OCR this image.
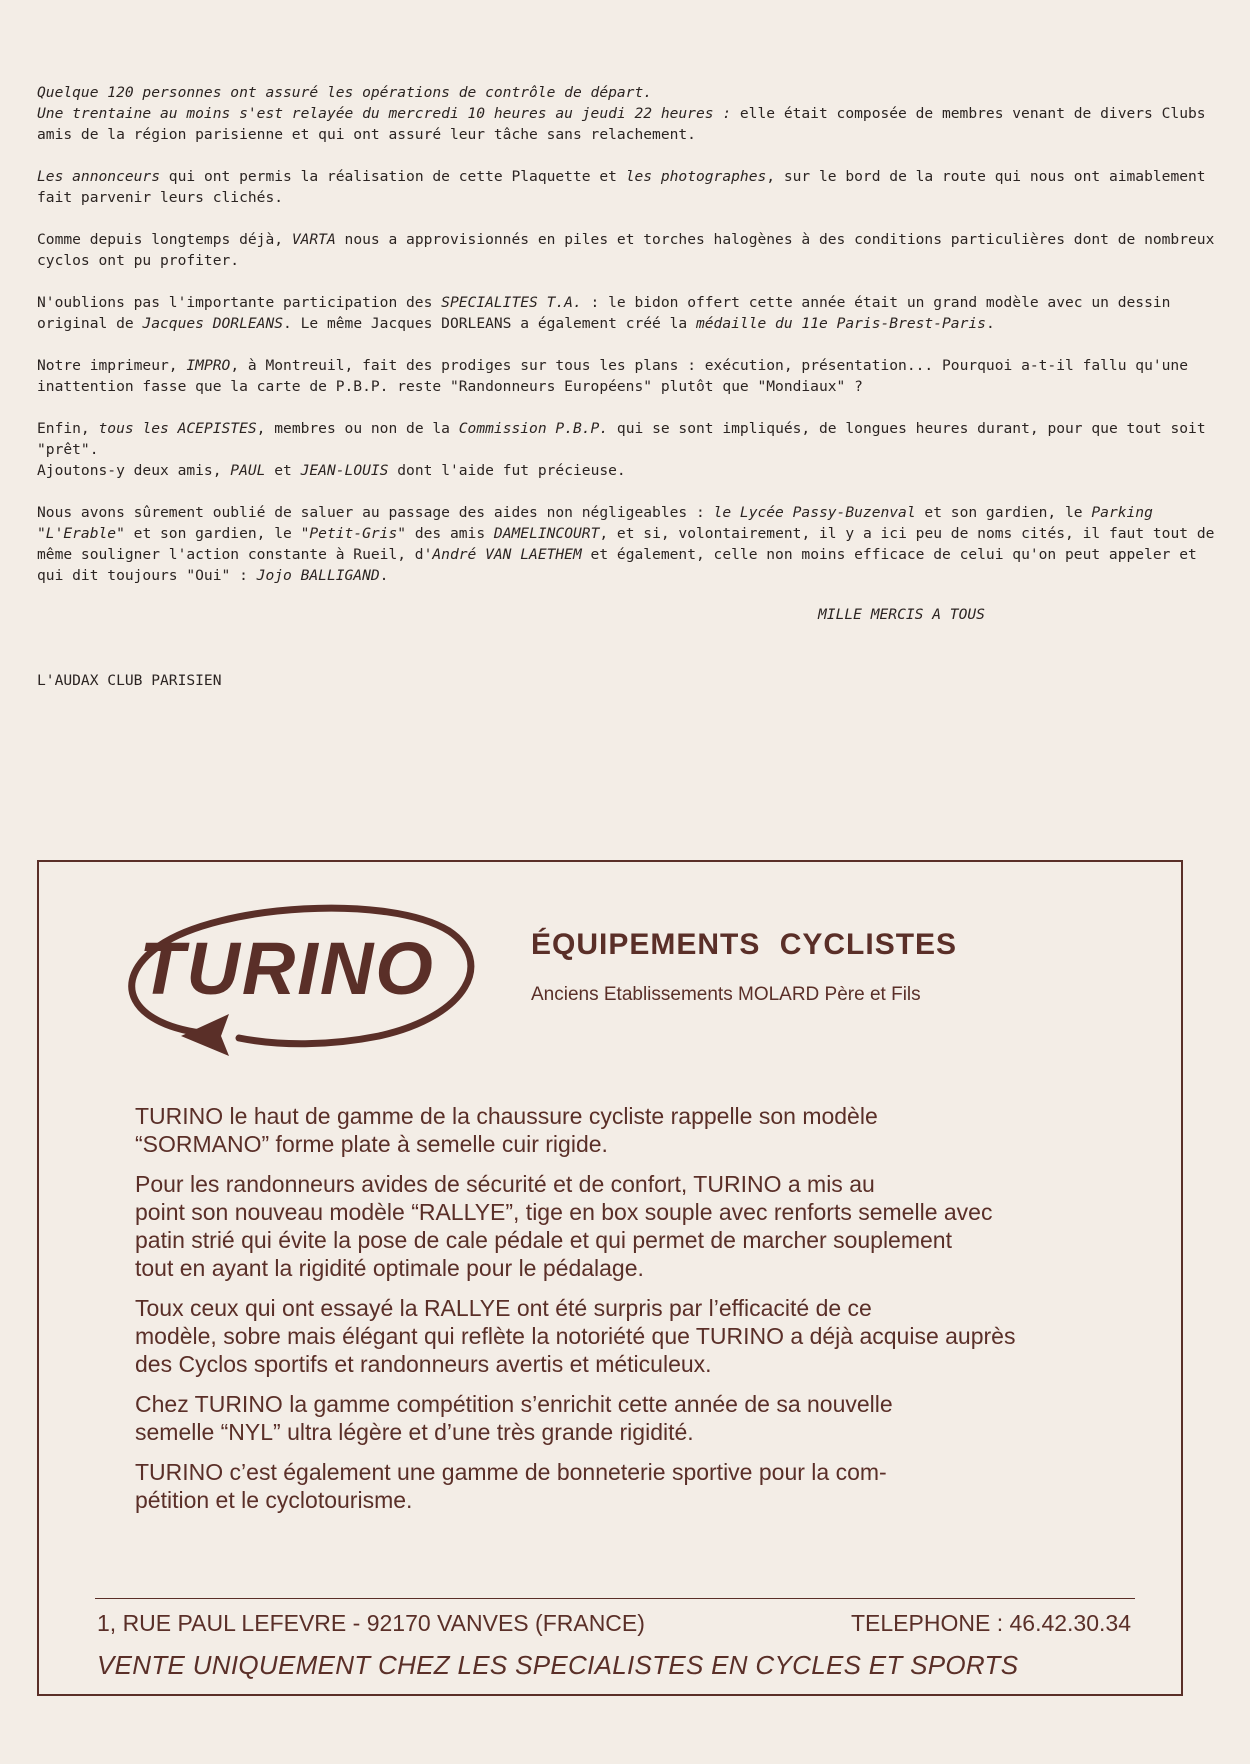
Quelque 120 personnes ont assuré les opérations de contrôle de départ.
Une trentaine au moins s'est relayée du mercredi 10 heures au jeudi 22 heures : elle était composée de membres venant de divers Clubs amis de la région parisienne et qui ont assuré leur tâche sans relachement.

Les annonceurs qui ont permis la réalisation de cette Plaquette et les photographes, sur le bord de la route qui nous ont aimablement fait parvenir leurs clichés.

Comme depuis longtemps déjà, VARTA nous a approvisionnés en piles et torches halogènes à des conditions particulières dont de nombreux cyclos ont pu profiter.

N'oublions pas l'importante participation des SPECIALITES T.A. : le bidon offert cette année était un grand modèle avec un dessin original de Jacques DORLEANS. Le même Jacques DORLEANS a également créé la médaille du 11e Paris-Brest-Paris.

Notre imprimeur, IMPRO, à Montreuil, fait des prodiges sur tous les plans : exécution, présentation... Pourquoi a-t-il fallu qu'une inattention fasse que la carte de P.B.P. reste "Randonneurs Européens" plutôt que "Mondiaux" ?

Enfin, tous les ACEPISTES, membres ou non de la Commission P.B.P. qui se sont impliqués, de longues heures durant, pour que tout soit "prêt".
Ajoutons-y deux amis, PAUL et JEAN-LOUIS dont l'aide fut précieuse.

Nous avons sûrement oublié de saluer au passage des aides non négligeables : le Lycée Passy-Buzenval et son gardien, le Parking "L'Erable" et son gardien, le "Petit-Gris" des amis DAMELINCOURT, et si, volontairement, il y a ici peu de noms cités, il faut tout de même souligner l'action constante à Rueil, d'André VAN LAETHEM et également, celle non moins efficace de celui qu'on peut appeler et qui dit toujours "Oui" : Jojo BALLIGAND.

MILLE MERCIS A TOUS
L'AUDAX CLUB PARISIEN
TURINO	ÉQUIPEMENTS CYCLISTES
Anciens Etablissements MOLARD Père et Fils

TURINO le haut de gamme de la chaussure cycliste rappelle son modèle
“SORMANO” forme plate à semelle cuir rigide.

Pour les randonneurs avides de sécurité et de confort, TURINO a mis au
point son nouveau modèle “RALLYE”, tige en box souple avec renforts semelle avec
patin strié qui évite la pose de cale pédale et qui permet de marcher souplement
tout en ayant la rigidité optimale pour le pédalage.

Toux ceux qui ont essayé la RALLYE ont été surpris par l’efficacité de ce
modèle, sobre mais élégant qui reflète la notoriété que TURINO a déjà acquise auprès
des Cyclos sportifs et randonneurs avertis et méticuleux.

Chez TURINO la gamme compétition s’enrichit cette année de sa nouvelle
semelle “NYL” ultra légère et d’une très grande rigidité.

TURINO c’est également une gamme de bonneterie sportive pour la com-
pétition et le cyclotourisme.

1, RUE PAUL LEFEVRE - 92170 VANVES (FRANCE)	TELEPHONE : 46.42.30.34
VENTE UNIQUEMENT CHEZ LES SPECIALISTES EN CYCLES ET SPORTS
